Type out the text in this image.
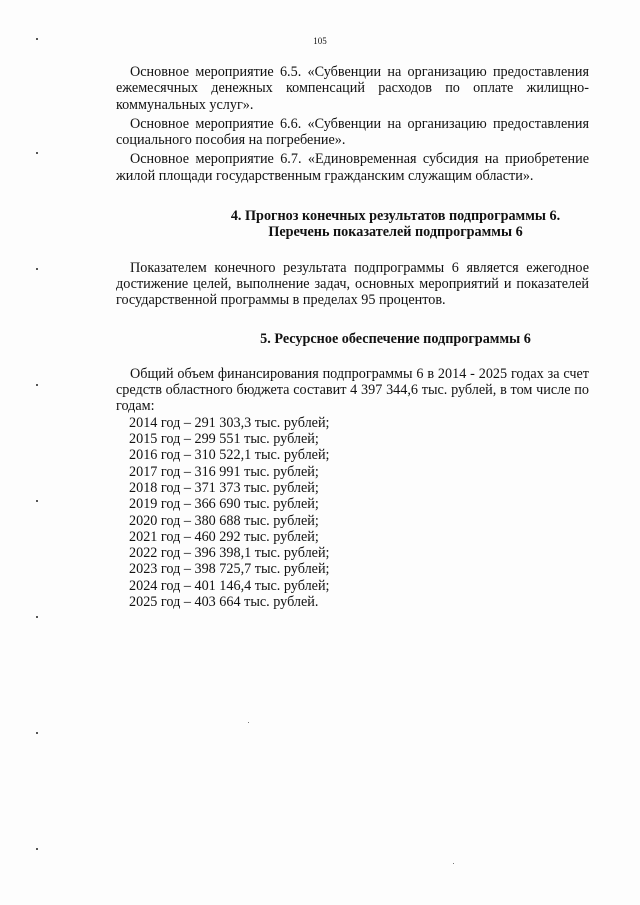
105

Основное мероприятие 6.5. «Субвенции на организацию предоставления ежемесячных денежных компенсаций расходов по оплате жилищно-коммунальных услуг».

Основное мероприятие 6.6. «Субвенции на организацию предоставления социального пособия на погребение».

Основное мероприятие 6.7. «Единовременная субсидия на приобретение жилой площади государственным гражданским служащим области».

4. Прогноз конечных результатов подпрограммы 6.
Перечень показателей подпрограммы 6

Показателем конечного результата подпрограммы 6 является ежегодное достижение целей, выполнение задач, основных мероприятий и показателей государственной программы в пределах 95 процентов.

5. Ресурсное обеспечение подпрограммы 6

Общий объем финансирования подпрограммы 6 в 2014 - 2025 годах за счет средств областного бюджета составит 4 397 344,6 тыс. рублей, в том числе по годам:

2014 год – 291 303,3 тыс. рублей;
2015 год – 299 551 тыс. рублей;
2016 год – 310 522,1 тыс. рублей;
2017 год – 316 991 тыс. рублей;
2018 год – 371 373 тыс. рублей;
2019 год – 366 690 тыс. рублей;
2020 год – 380 688 тыс. рублей;
2021 год – 460 292 тыс. рублей;
2022 год – 396 398,1 тыс. рублей;
2023 год – 398 725,7 тыс. рублей;
2024 год – 401 146,4 тыс. рублей;
2025 год – 403 664 тыс. рублей.
